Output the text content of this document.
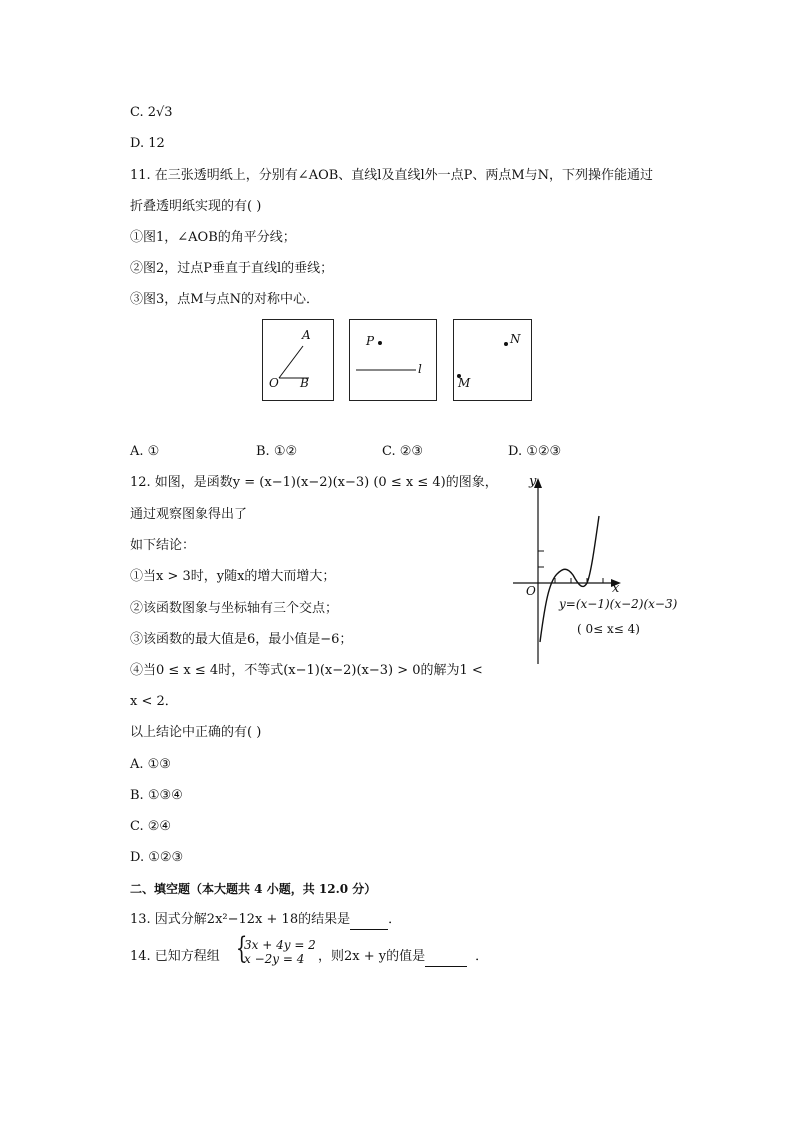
C. 2√3
D. 12
11. 在三张透明纸上，分别有∠AOB、直线l及直线l外一点P、两点M与N，下列操作能通过
折叠透明纸实现的有( )
①图1，∠AOB的角平分线；
②图2，过点P垂直于直线l的垂线；
③图3，点M与点N的对称中心．
A
O B
P
l
N
M
A. ①	B. ①②	C. ②③	D. ①②③
12. 如图，是函数y = (x−1)(x−2)(x−3) (0 ≤ x ≤ 4)的图象，
通过观察图象得出了
如下结论：
①当x > 3时，y随x的增大而增大；
②该函数图象与坐标轴有三个交点；
③该函数的最大值是6，最小值是−6；
④当0 ≤ x ≤ 4时，不等式(x−1)(x−2)(x−3) > 0的解为1 <
x < 2．
以上结论中正确的有( )
A. ①③
B. ①③④
C. ②④
D. ①②③
y
x
O
y=(x−1)(x−2)(x−3)
( 0≤ x≤ 4)
二、填空题（本大题共 4 小题，共 12.0 分）
13. 因式分解2x²−12x + 18的结果是	．
14. 已知方程组 {
3x + 4y = 2
x −2y = 4 ，则2x + y的值是	．
